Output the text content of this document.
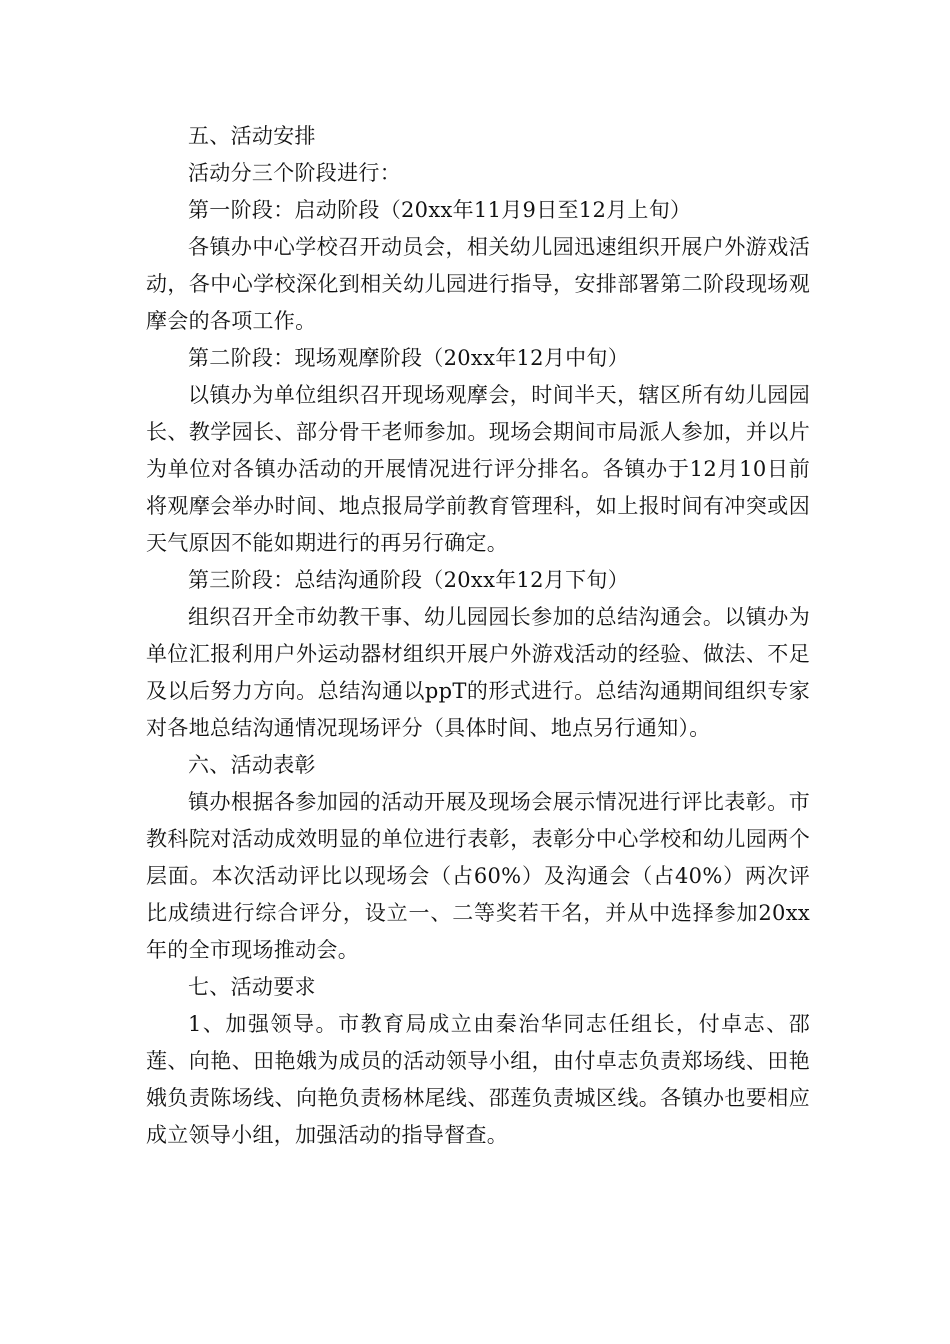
五、活动安排

活动分三个阶段进行：

第一阶段：启动阶段（20xx年11月9日至12月上旬）

各镇办中心学校召开动员会，相关幼儿园迅速组织开展户外游戏活动，各中心学校深化到相关幼儿园进行指导，安排部署第二阶段现场观摩会的各项工作。

第二阶段：现场观摩阶段（20xx年12月中旬）

以镇办为单位组织召开现场观摩会，时间半天，辖区所有幼儿园园长、教学园长、部分骨干老师参加。现场会期间市局派人参加，并以片为单位对各镇办活动的开展情况进行评分排名。各镇办于12月10日前将观摩会举办时间、地点报局学前教育管理科，如上报时间有冲突或因天气原因不能如期进行的再另行确定。

第三阶段：总结沟通阶段（20xx年12月下旬）

组织召开全市幼教干事、幼儿园园长参加的总结沟通会。以镇办为单位汇报利用户外运动器材组织开展户外游戏活动的经验、做法、不足及以后努力方向。总结沟通以ppT的形式进行。总结沟通期间组织专家对各地总结沟通情况现场评分（具体时间、地点另行通知）。

六、活动表彰

镇办根据各参加园的活动开展及现场会展示情况进行评比表彰。市教科院对活动成效明显的单位进行表彰，表彰分中心学校和幼儿园两个层面。本次活动评比以现场会（占60%）及沟通会（占40%）两次评比成绩进行综合评分，设立一、二等奖若干名，并从中选择参加20xx年的全市现场推动会。

七、活动要求

1、加强领导。市教育局成立由秦治华同志任组长，付卓志、邵莲、向艳、田艳娥为成员的活动领导小组，由付卓志负责郑场线、田艳娥负责陈场线、向艳负责杨林尾线、邵莲负责城区线。各镇办也要相应成立领导小组，加强活动的指导督查。
